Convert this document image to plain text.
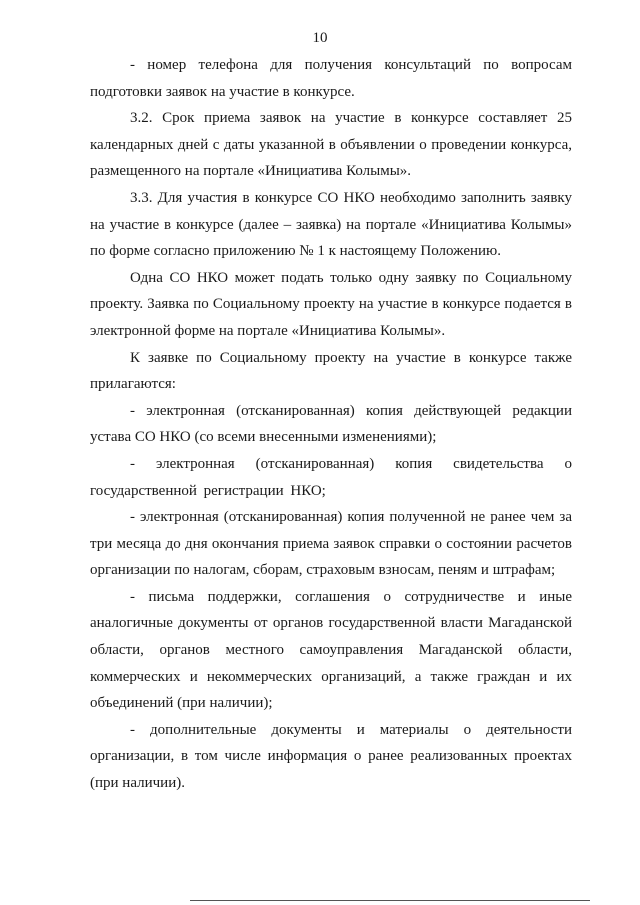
10

- номер телефона для получения консультаций по вопросам подготовки заявок на участие в конкурсе.

3.2. Срок приема заявок на участие в конкурсе составляет 25 календарных дней с даты указанной в объявлении о проведении конкурса, размещенного на портале «Инициатива Колымы».

3.3. Для участия в конкурсе СО НКО необходимо заполнить заявку на участие в конкурсе (далее – заявка) на портале «Инициатива Колымы» по форме согласно приложению № 1 к настоящему Положению.

Одна СО НКО может подать только одну заявку по Социальному проекту. Заявка по Социальному проекту на участие в конкурсе подается в электронной форме на портале «Инициатива Колымы».

К заявке по Социальному проекту на участие в конкурсе также прилагаются:

- электронная (отсканированная) копия действующей редакции устава СО НКО (со всеми внесенными изменениями);

- электронная (отсканированная) копия свидетельства о государственной регистрации НКО;

- электронная (отсканированная) копия полученной не ранее чем за три месяца до дня окончания приема заявок справки о состоянии расчетов организации по налогам, сборам, страховым взносам, пеням и штрафам;

- письма поддержки, соглашения о сотрудничестве и иные аналогичные документы от органов государственной власти Магаданской области, органов местного самоуправления Магаданской области, коммерческих и некоммерческих организаций, а также граждан и их объединений (при наличии);

- дополнительные документы и материалы о деятельности организации, в том числе информация о ранее реализованных проектах (при наличии).
